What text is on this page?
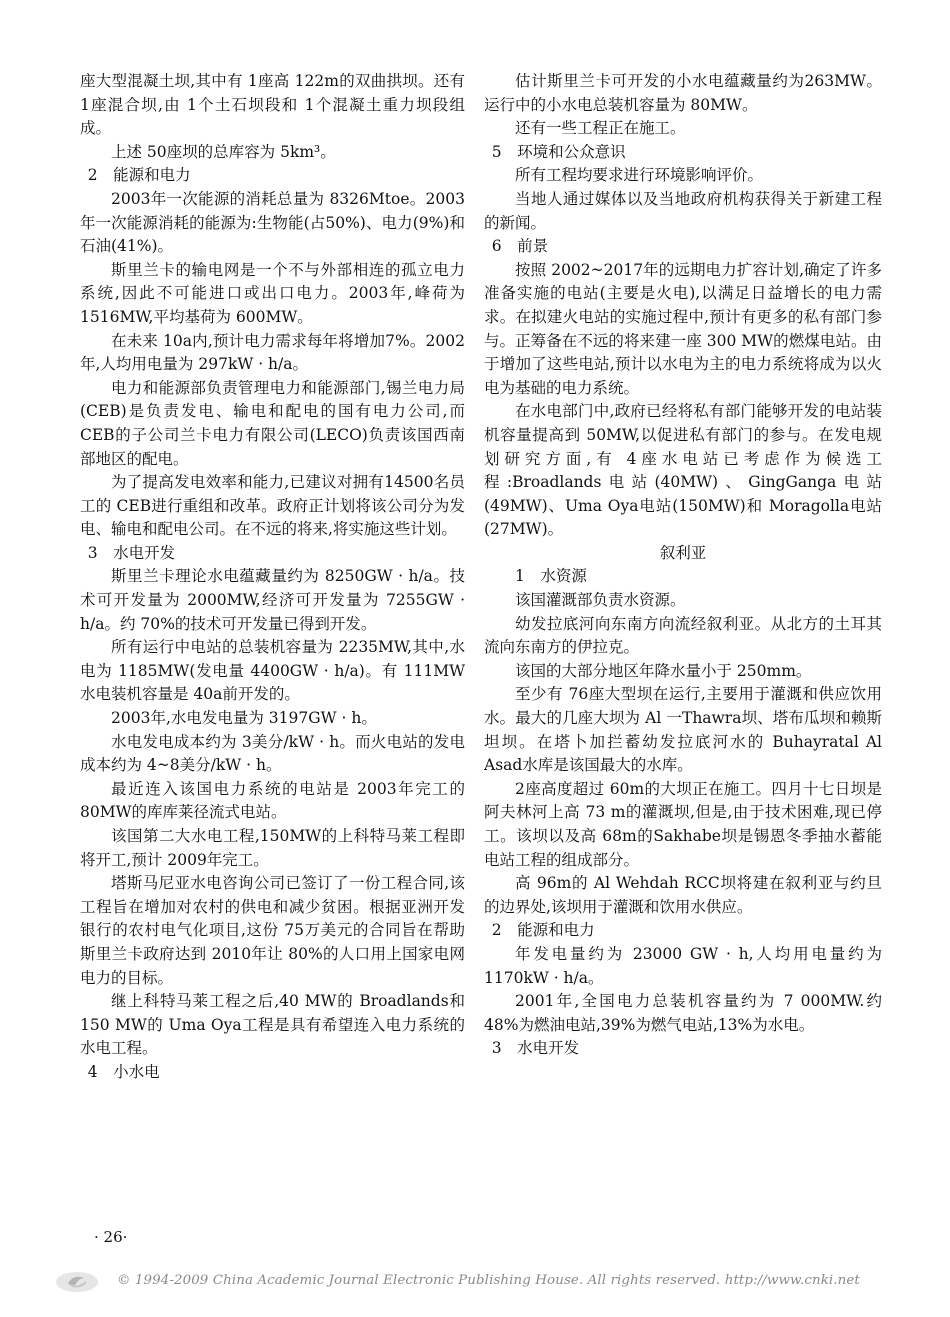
座大型混凝土坝,其中有 1座高 122m的双曲拱坝。还有 1座混合坝,由 1个土石坝段和 1个混凝土重力坝段组成。

上述 50座坝的总库容为 5km³。

2　能源和电力

2003年一次能源的消耗总量为 8326Mtoe。2003年一次能源消耗的能源为:生物能(占50%)、电力(9%)和石油(41%)。

斯里兰卡的输电网是一个不与外部相连的孤立电力系统,因此不可能进口或出口电力。2003年,峰荷为 1516MW,平均基荷为 600MW。

在未来 10a内,预计电力需求每年将增加7%。2002年,人均用电量为 297kW · h/a。

电力和能源部负责管理电力和能源部门,锡兰电力局(CEB)是负责发电、输电和配电的国有电力公司,而 CEB的子公司兰卡电力有限公司(LECO)负责该国西南部地区的配电。

为了提高发电效率和能力,已建议对拥有14500名员工的 CEB进行重组和改革。政府正计划将该公司分为发电、输电和配电公司。在不远的将来,将实施这些计划。

3　水电开发

斯里兰卡理论水电蕴藏量约为 8250GW · h/a。技术可开发量为 2000MW,经济可开发量为 7255GW · h/a。约 70%的技术可开发量已得到开发。

所有运行中电站的总装机容量为 2235MW,其中,水电为 1185MW(发电量 4400GW · h/a)。有 111MW水电装机容量是 40a前开发的。

2003年,水电发电量为 3197GW · h。

水电发电成本约为 3美分/kW · h。而火电站的发电成本约为 4~8美分/kW · h。

最近连入该国电力系统的电站是 2003年完工的 80MW的库库莱径流式电站。

该国第二大水电工程,150MW的上科特马莱工程即将开工,预计 2009年完工。

塔斯马尼亚水电咨询公司已签订了一份工程合同,该工程旨在增加对农村的供电和减少贫困。根据亚洲开发银行的农村电气化项目,这份 75万美元的合同旨在帮助斯里兰卡政府达到 2010年让 80%的人口用上国家电网电力的目标。

继上科特马莱工程之后,40 MW的 Broadlands和 150 MW的 Uma Oya工程是具有希望连入电力系统的水电工程。

4　小水电

估计斯里兰卡可开发的小水电蕴藏量约为263MW。运行中的小水电总装机容量为 80MW。

还有一些工程正在施工。

5　环境和公众意识

所有工程均要求进行环境影响评价。

当地人通过媒体以及当地政府机构获得关于新建工程的新闻。

6　前景

按照 2002~2017年的远期电力扩容计划,确定了许多准备实施的电站(主要是火电),以满足日益增长的电力需求。在拟建火电站的实施过程中,预计有更多的私有部门参与。正筹备在不远的将来建一座 300 MW的燃煤电站。由于增加了这些电站,预计以水电为主的电力系统将成为以火电为基础的电力系统。

在水电部门中,政府已经将私有部门能够开发的电站装机容量提高到 50MW,以促进私有部门的参与。在发电规划研究方面,有 4座水电站已考虑作为候选工程:Broadlands电站(40MW)、GingGanga电站(49MW)、Uma Oya电站(150MW)和 Moragolla电站(27MW)。

叙利亚

1　水资源

该国灌溉部负责水资源。

幼发拉底河向东南方向流经叙利亚。从北方的土耳其流向东南方的伊拉克。

该国的大部分地区年降水量小于 250mm。

至少有 76座大型坝在运行,主要用于灌溉和供应饮用水。最大的几座大坝为 Al 一Thawra坝、塔布瓜坝和赖斯坦坝。在塔卜加拦蓄幼发拉底河水的 Buhayratal Al Asad水库是该国最大的水库。

2座高度超过 60m的大坝正在施工。四月十七日坝是阿夫林河上高 73 m的灌溉坝,但是,由于技术困难,现已停工。该坝以及高 68m的Sakhabe坝是锡恩冬季抽水蓄能电站工程的组成部分。

高 96m的 Al Wehdah RCC坝将建在叙利亚与约旦的边界处,该坝用于灌溉和饮用水供应。

2　能源和电力

年发电量约为 23000 GW · h,人均用电量约为 1170kW · h/a。

2001年,全国电力总装机容量约为 7 000MW.约 48%为燃油电站,39%为燃气电站,13%为水电。

3　水电开发

· 26·
© 1994-2009 China Academic Journal Electronic Publishing House. All rights reserved. http://www.cnki.net
